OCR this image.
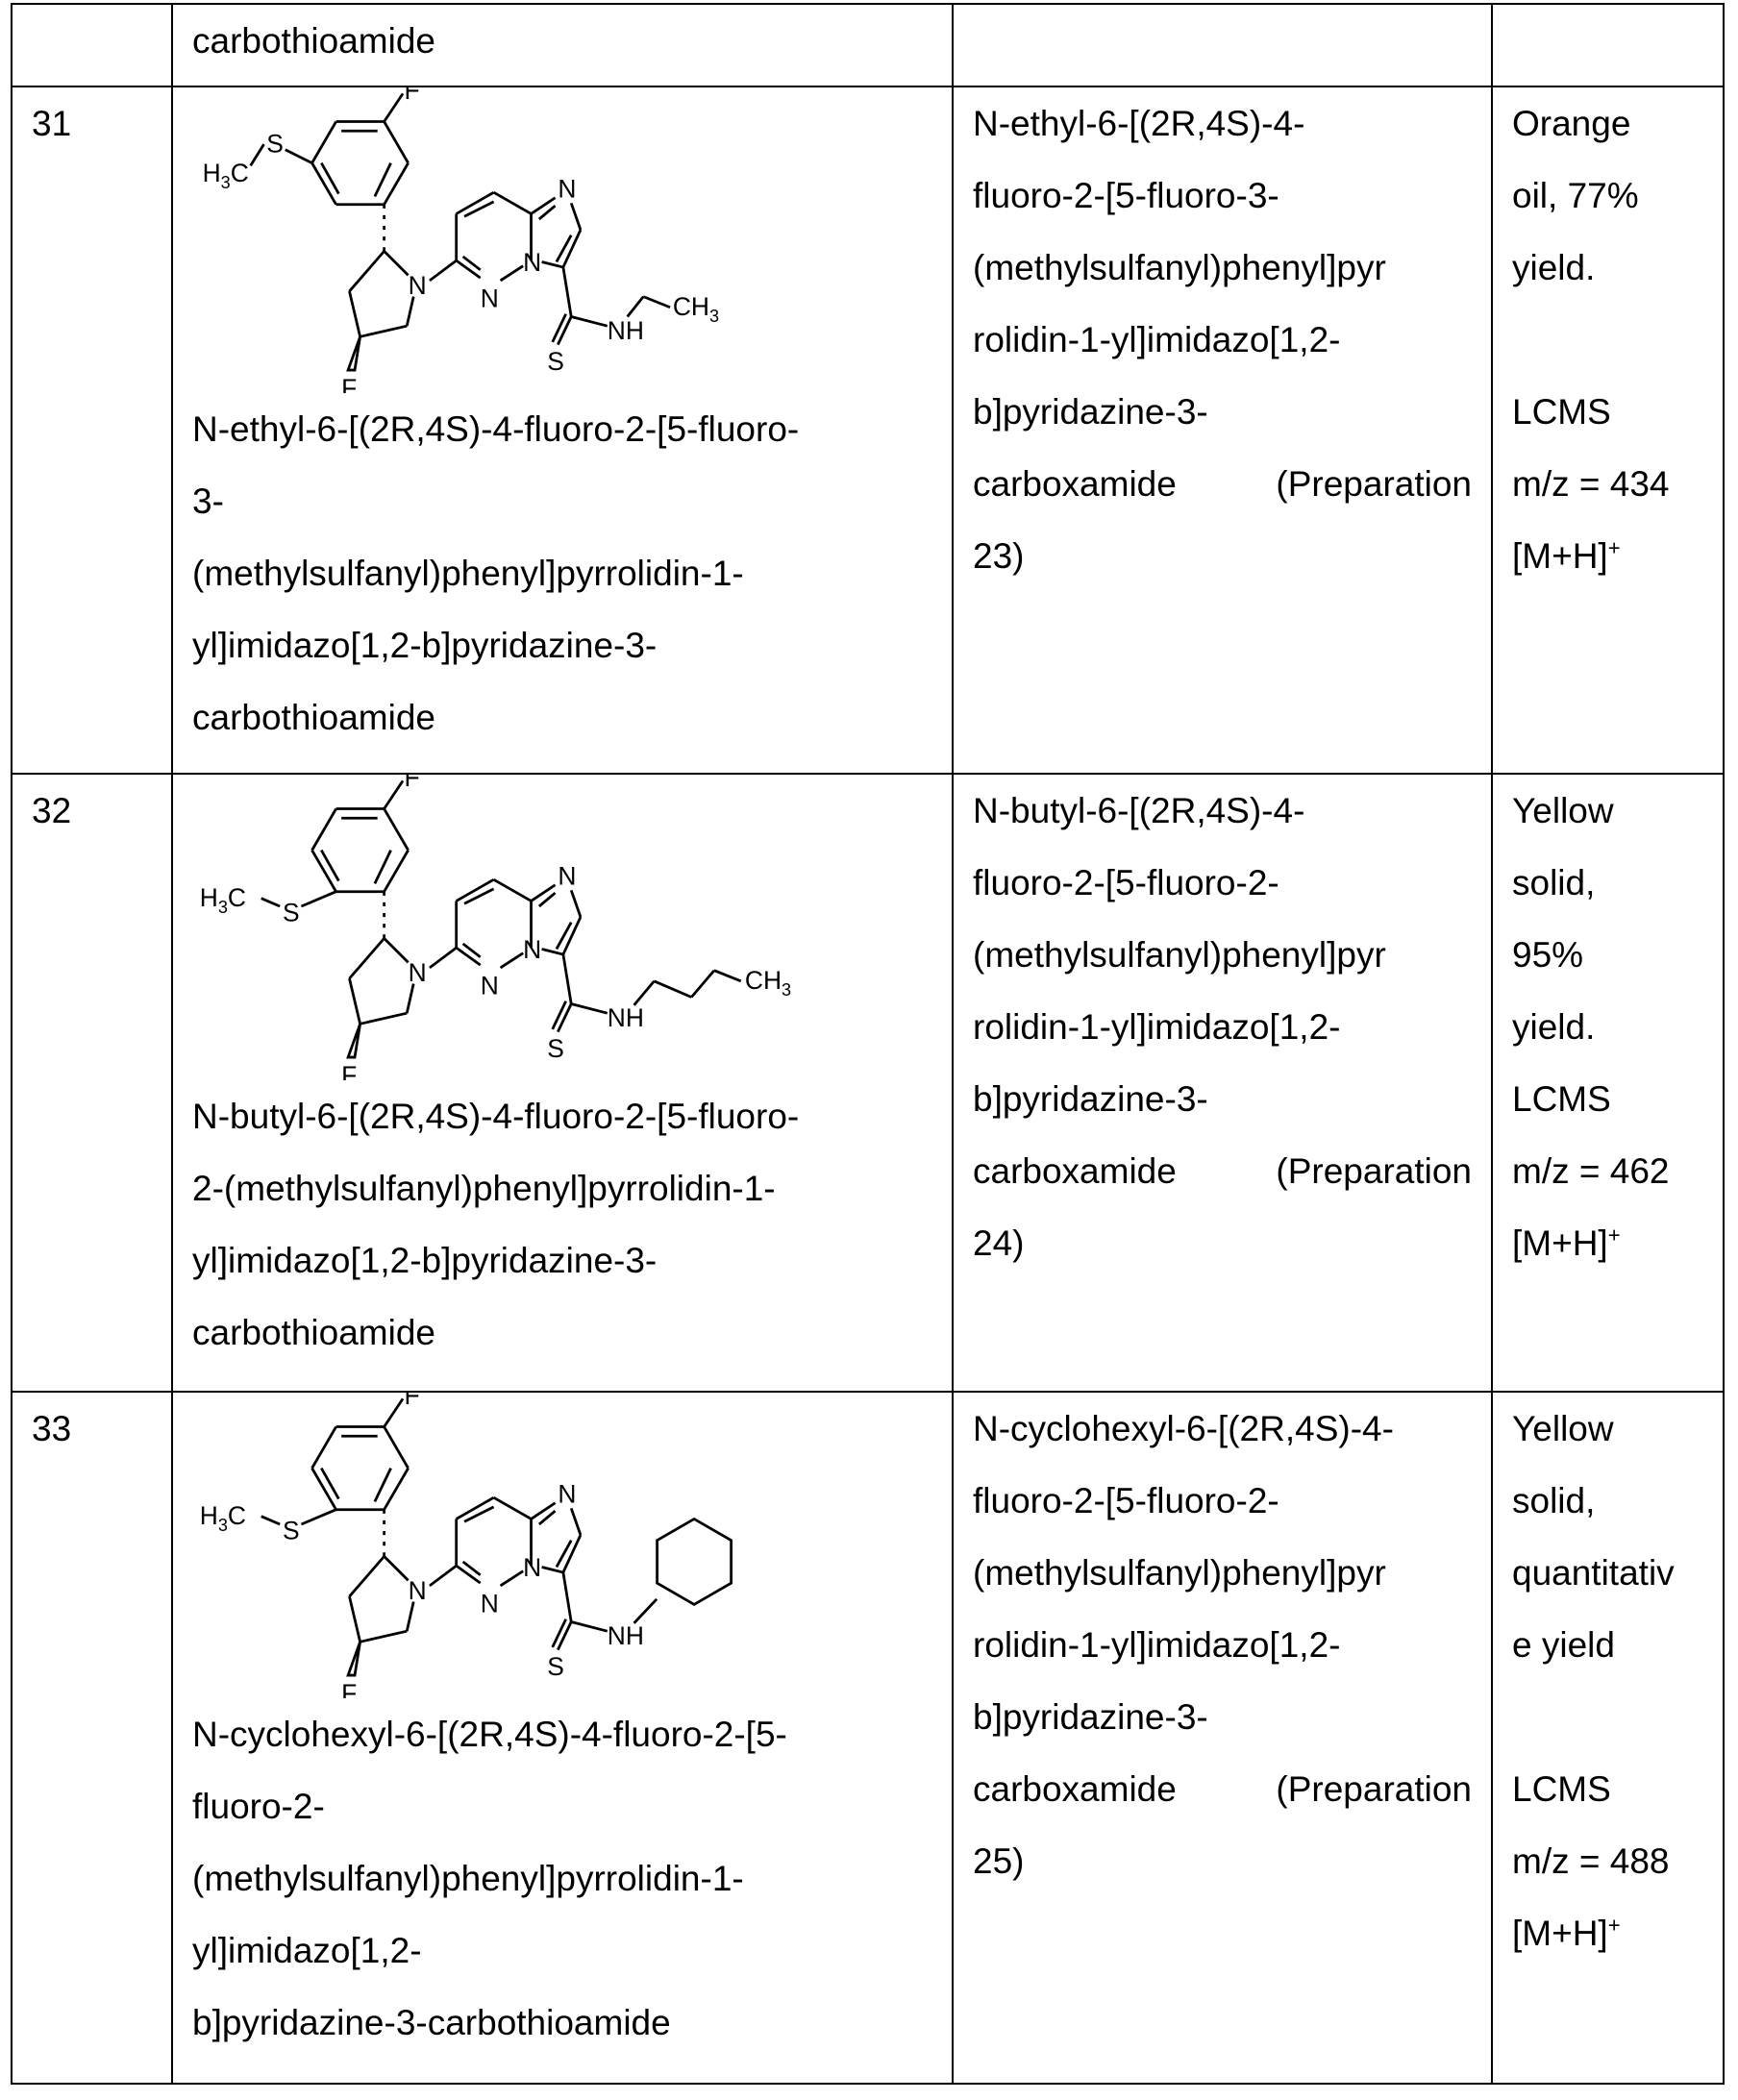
carbothioamide

31	
F
N
F
N
N
N
S
NH
S
H3C
CH3
N-ethyl-6-[(2R,4S)-4-fluoro-2-[5-fluoro-
3-
(methylsulfanyl)phenyl]pyrrolidin-1-
yl]imidazo[1,2-b]pyridazine-3-
carbothioamide

N-ethyl-6-[(2R,4S)-4-
fluoro-2-[5-fluoro-3-
(methylsulfanyl)phenyl]pyr
rolidin-1-yl]imidazo[1,2-
b]pyridazine-3-
carboxamide	(Preparation
23)

Orange
oil, 77%
yield.

LCMS
m/z = 434
[M+H]+

32	
F
N
F
N
N
N
S
NH
S
H3C
CH3
N-butyl-6-[(2R,4S)-4-fluoro-2-[5-fluoro-
2-(methylsulfanyl)phenyl]pyrrolidin-1-
yl]imidazo[1,2-b]pyridazine-3-
carbothioamide

N-butyl-6-[(2R,4S)-4-
fluoro-2-[5-fluoro-2-
(methylsulfanyl)phenyl]pyr
rolidin-1-yl]imidazo[1,2-
b]pyridazine-3-
carboxamide	(Preparation
24)

Yellow
solid,
95%
yield.
LCMS
m/z = 462
[M+H]+

33	
F
N
F
N
N
N
S
NH
S
H3C
N-cyclohexyl-6-[(2R,4S)-4-fluoro-2-[5-
fluoro-2-
(methylsulfanyl)phenyl]pyrrolidin-1-
yl]imidazo[1,2-
b]pyridazine-3-carbothioamide

N-cyclohexyl-6-[(2R,4S)-4-
fluoro-2-[5-fluoro-2-
(methylsulfanyl)phenyl]pyr
rolidin-1-yl]imidazo[1,2-
b]pyridazine-3-
carboxamide	(Preparation
25)

Yellow
solid,
quantitativ
e yield

LCMS
m/z = 488
[M+H]+
